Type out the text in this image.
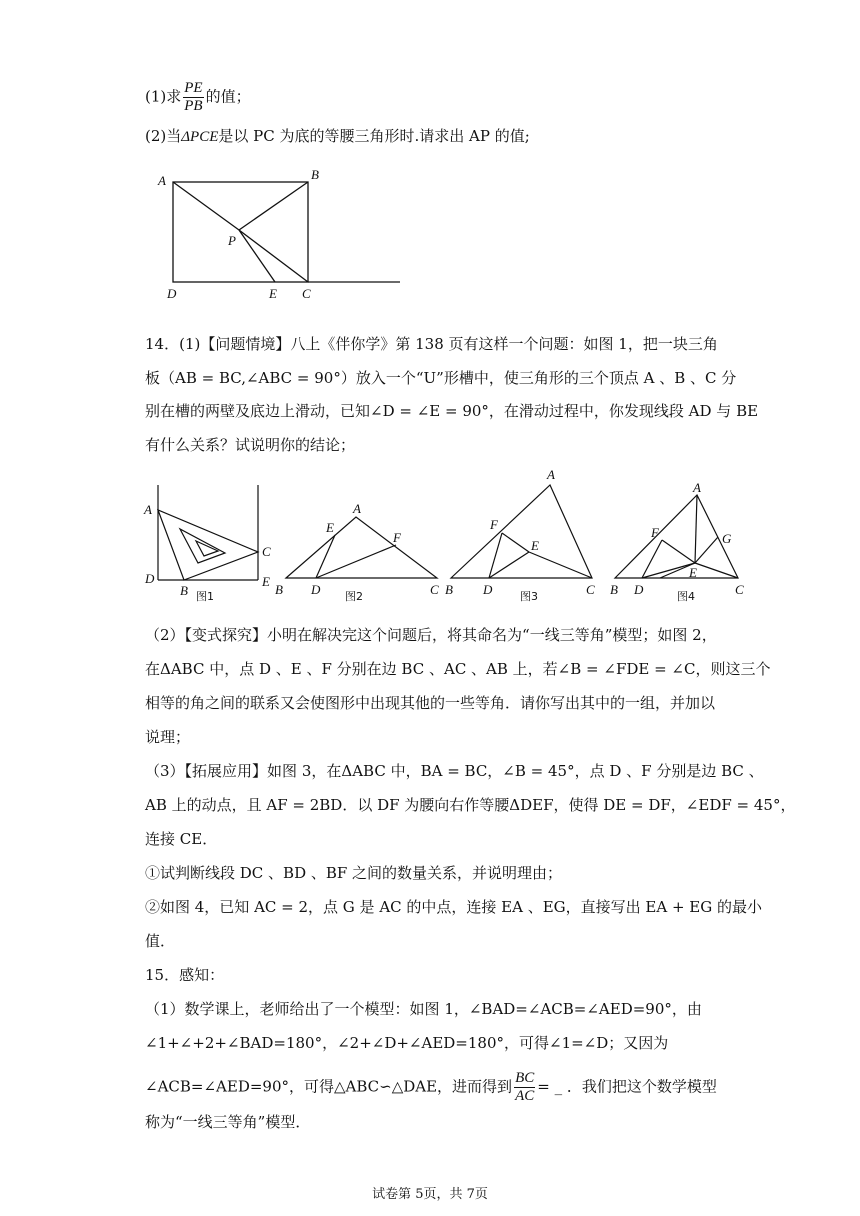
(1)求 $\frac{PE}{PB}$ 的值；
(2)当ΔPCE是以 PC 为底的等腰三角形时.请求出 AP 的值;
A	B
P
D	E C
14．(1)【问题情境】八上《伴你学》第 138 页有这样一个问题：如图 1，把一块三角
板（AB = BC,∠ABC = 90°）放入一个“U”形槽中，使三角形的三个顶点 A 、B 、C 分
别在槽的两壁及底边上滑动，已知∠D = ∠E = 90°，在滑动过程中，你发现线段 AD 与 BE
有什么关系？试说明你的结论；
A
C
D
B
E
图1
A
E
F
B D	C
图2
A
F
E
B D	C
图3
A
F	G
E
B D	C
图4
（2）【变式探究】小明在解决完这个问题后，将其命名为“一线三等角”模型；如图 2，
在ΔABC 中，点 D 、E 、F 分别在边 BC 、AC 、AB 上，若∠B = ∠FDE = ∠C，则这三个
相等的角之间的联系又会使图形中出现其他的一些等角．请你写出其中的一组，并加以
说理；
（3）【拓展应用】如图 3，在ΔABC 中，BA = BC，∠B = 45°，点 D 、F 分别是边 BC 、
AB 上的动点，且 AF = 2BD．以 DF 为腰向右作等腰ΔDEF，使得 DE = DF，∠EDF = 45°，
连接 CE．
①试判断线段 DC 、BD 、BF 之间的数量关系，并说明理由；
②如图 4，已知 AC = 2，点 G 是 AC 的中点，连接 EA 、EG，直接写出 EA + EG 的最小
值．
15．感知：
（1）数学课上，老师给出了一个模型：如图 1，∠BAD=∠ACB=∠AED=90°，由
∠1+∠+2+∠BAD=180°，∠2+∠D+∠AED=180°，可得∠1=∠D；又因为
∠ACB=∠AED=90°，可得△ABC∽△DAE，进而得到 $\frac{BC}{AC}$ = _ ．我们把这个数学模型
称为“一线三等角”模型．
试卷第 5页，共 7页
